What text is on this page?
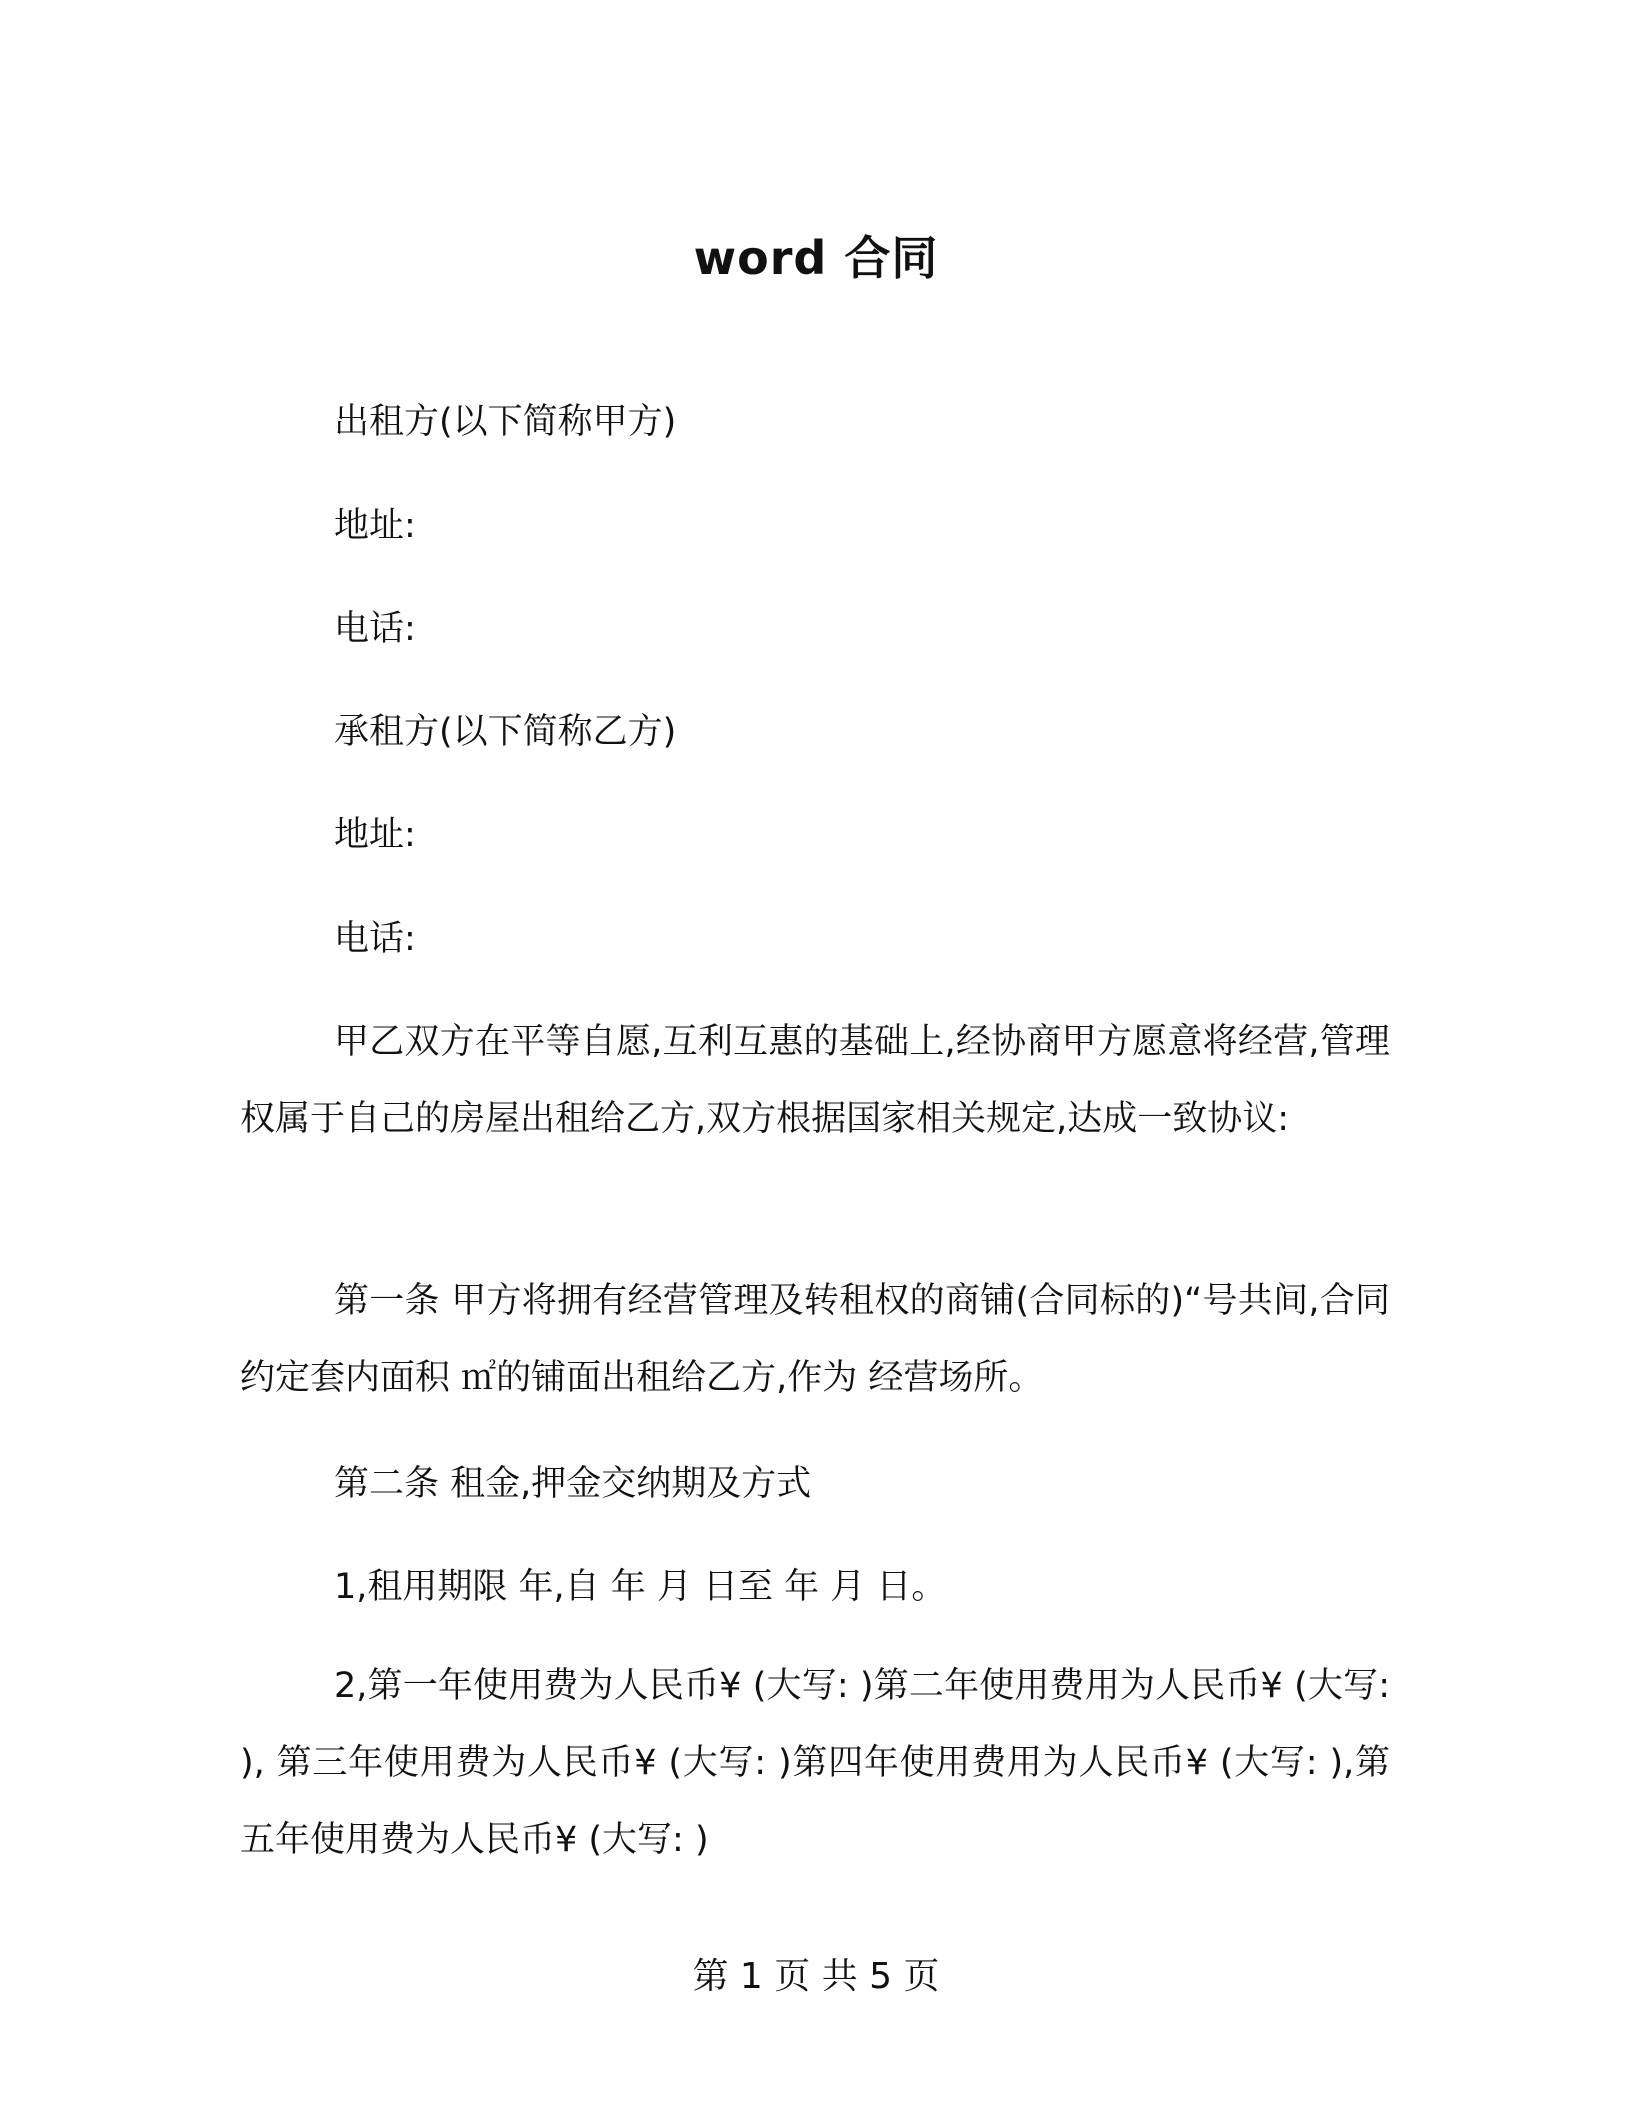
word 合同
出租方(以下简称甲方)
地址:
电话:
承租方(以下简称乙方)
地址:
电话:
甲乙双方在平等自愿,互利互惠的基础上,经协商甲方愿意将经营,管理权属于自己的房屋出租给乙方,双方根据国家相关规定,达成一致协议:
第一条 甲方将拥有经营管理及转租权的商铺(合同标的)“号共间,合同约定套内面积 ㎡的铺面出租给乙方,作为 经营场所。
第二条 租金,押金交纳期及方式
1,租用期限 年,自 年 月 日至 年 月 日。
2,第一年使用费为人民币¥ (大写: )第二年使用费用为人民币¥ (大写: ), 第三年使用费为人民币¥ (大写: )第四年使用费用为人民币¥ (大写: ),第五年使用费为人民币¥ (大写: )
第 1 页 共 5 页
